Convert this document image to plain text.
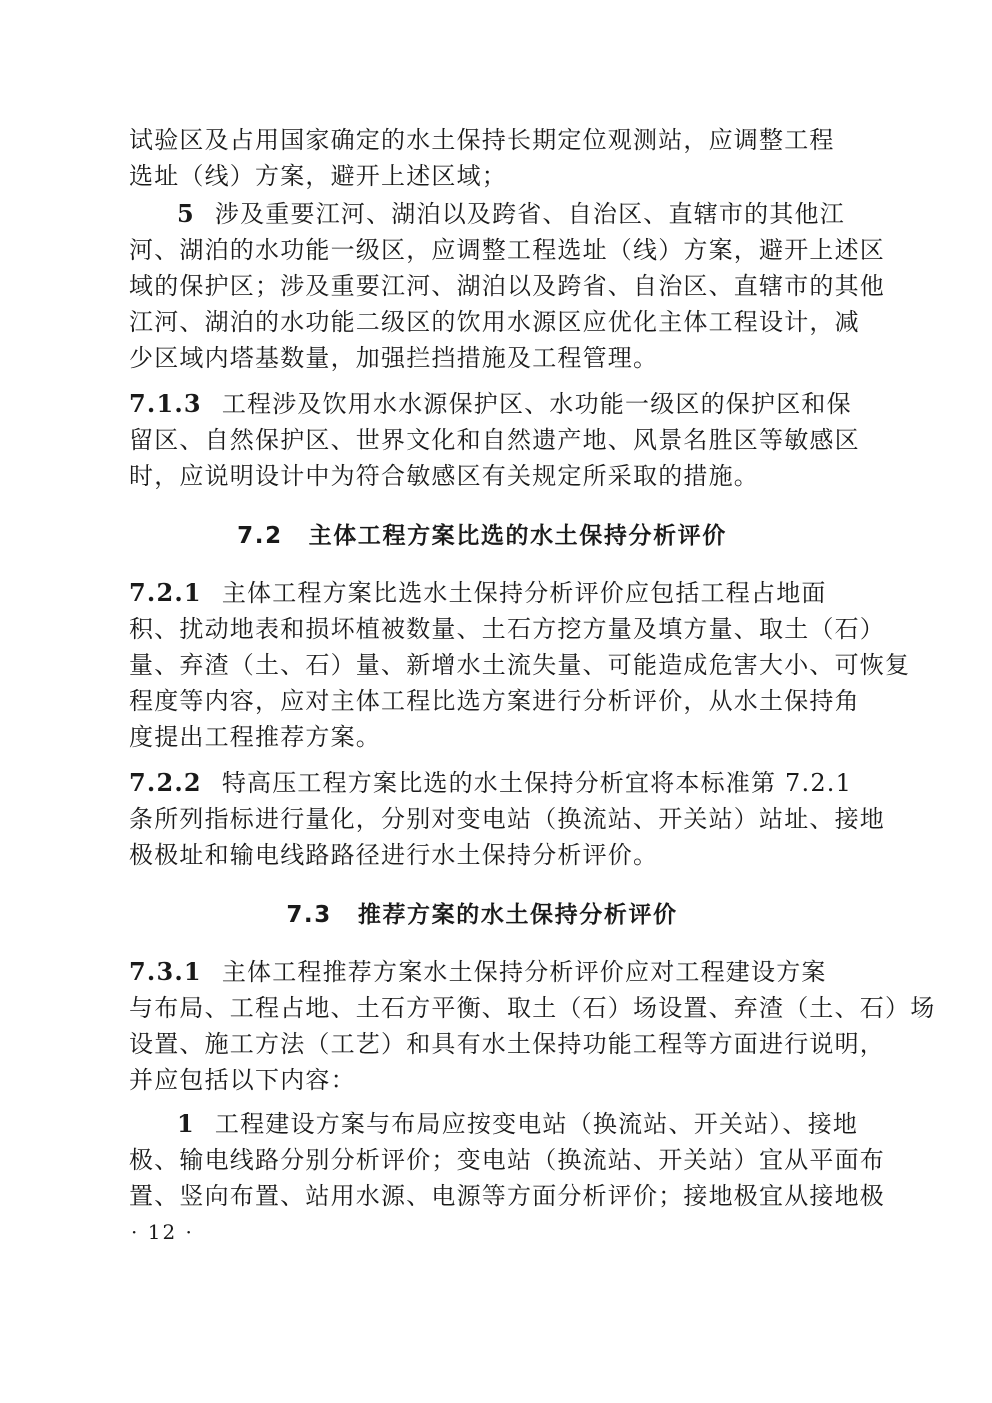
试验区及占用国家确定的水土保持长期定位观测站，应调整工程
选址（线）方案，避开上述区域；
5 涉及重要江河、湖泊以及跨省、自治区、直辖市的其他江
河、湖泊的水功能一级区，应调整工程选址（线）方案，避开上述区
域的保护区；涉及重要江河、湖泊以及跨省、自治区、直辖市的其他
江河、湖泊的水功能二级区的饮用水源区应优化主体工程设计，减
少区域内塔基数量，加强拦挡措施及工程管理。
7.1.3 工程涉及饮用水水源保护区、水功能一级区的保护区和保
留区、自然保护区、世界文化和自然遗产地、风景名胜区等敏感区
时，应说明设计中为符合敏感区有关规定所采取的措施。
7.2 主体工程方案比选的水土保持分析评价
7.2.1 主体工程方案比选水土保持分析评价应包括工程占地面
积、扰动地表和损坏植被数量、土石方挖方量及填方量、取土（石）
量、弃渣（土、石）量、新增水土流失量、可能造成危害大小、可恢复
程度等内容，应对主体工程比选方案进行分析评价，从水土保持角
度提出工程推荐方案。
7.2.2 特高压工程方案比选的水土保持分析宜将本标准第 7.2.1
条所列指标进行量化，分别对变电站（换流站、开关站）站址、接地
极极址和输电线路路径进行水土保持分析评价。
7.3 推荐方案的水土保持分析评价
7.3.1 主体工程推荐方案水土保持分析评价应对工程建设方案
与布局、工程占地、土石方平衡、取土（石）场设置、弃渣（土、石）场
设置、施工方法（工艺）和具有水土保持功能工程等方面进行说明，
并应包括以下内容：
1 工程建设方案与布局应按变电站（换流站、开关站）、接地
极、输电线路分别分析评价；变电站（换流站、开关站）宜从平面布
置、竖向布置、站用水源、电源等方面分析评价；接地极宜从接地极
· 12 ·
